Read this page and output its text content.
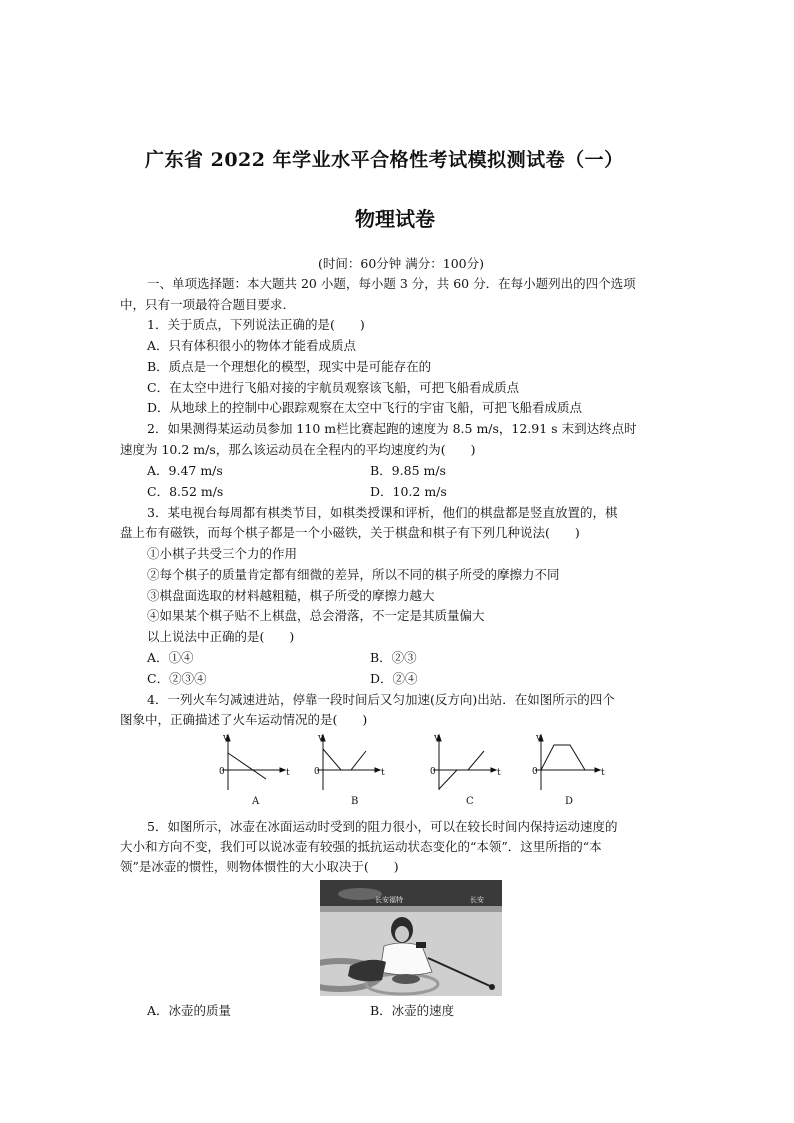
广东省 2022 年学业水平合格性考试模拟测试卷（一）
物理试卷
(时间：60分钟 满分：100分)
一、单项选择题：本大题共 20 小题，每小题 3 分，共 60 分．在每小题列出的四个选项
中，只有一项最符合题目要求．
1．关于质点，下列说法正确的是(　　)
A．只有体积很小的物体才能看成质点
B．质点是一个理想化的模型，现实中是可能存在的
C．在太空中进行飞船对接的宇航员观察该飞船，可把飞船看成质点
D．从地球上的控制中心跟踪观察在太空中飞行的宇宙飞船，可把飞船看成质点
2．如果测得某运动员参加 110 m栏比赛起跑的速度为 8.5 m/s，12.91 s 末到达终点时
速度为 10.2 m/s，那么该运动员在全程内的平均速度约为(　　)
A．9.47 m/s	B．9.85 m/s
C．8.52 m/s	D．10.2 m/s
3．某电视台每周都有棋类节目，如棋类授课和评析，他们的棋盘都是竖直放置的，棋
盘上布有磁铁，而每个棋子都是一个小磁铁，关于棋盘和棋子有下列几种说法(　　)
①小棋子共受三个力的作用
②每个棋子的质量肯定都有细微的差异，所以不同的棋子所受的摩擦力不同
③棋盘面选取的材料越粗糙，棋子所受的摩擦力越大
④如果某个棋子贴不上棋盘，总会滑落，不一定是其质量偏大
以上说法中正确的是(　　)
A．①④	B．②③
C．②③④	D．②④
4．一列火车匀减速进站，停靠一段时间后又匀加速(反方向)出站．在如图所示的四个
图象中，正确描述了火车运动情况的是(　　)
v
0	t
A
v
0	t
B
v
0	t
C
v
0	t
D
5．如图所示，冰壶在冰面运动时受到的阻力很小，可以在较长时间内保持运动速度的
大小和方向不变，我们可以说冰壶有较强的抵抗运动状态变化的“本领”．这里所指的“本
领”是冰壶的惯性，则物体惯性的大小取决于(　　)
长安福特	长安
A．冰壶的质量	B．冰壶的速度
